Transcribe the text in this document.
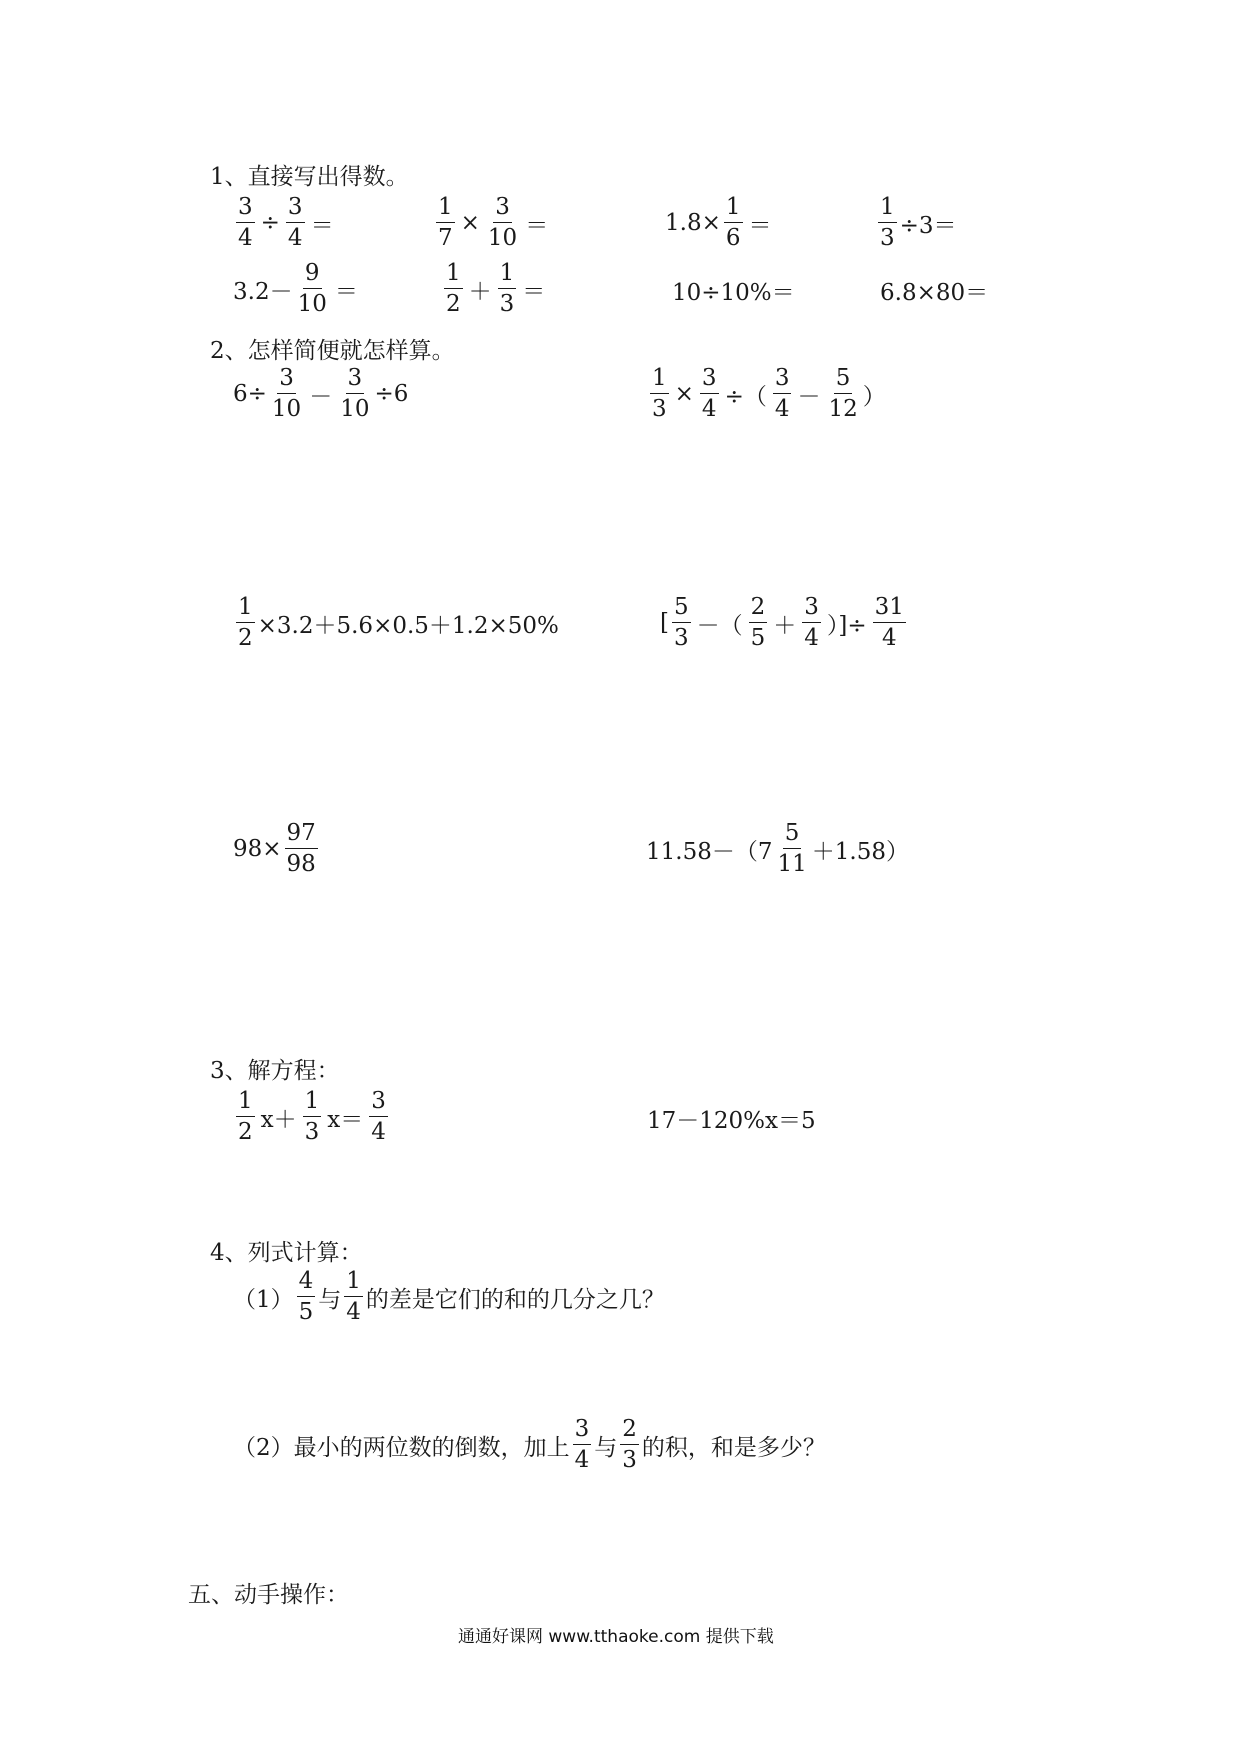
1、直接写出得数。
$\frac{3}{4} \div \frac{3}{4}$ ＝	$\frac{1}{7} \times \frac{3}{10}$ ＝	$1.8\times \frac{1}{6}$ ＝	$\frac{1}{3} \div 3=$
$3.2- \frac{9}{10}$ ＝	$\frac{1}{2} + \frac{1}{3}$ ＝	10÷10%＝	6.8×80＝
2、怎样简便就怎样算。
$6\div \frac{3}{10} - \frac{3}{10} \div 6$	$\frac{1}{3} \times \frac{3}{4}$ ÷（ $\frac{3}{4} - \frac{5}{12}$ ）
$\frac{1}{2} \times 3.2+5.6\times 0.5+1.2\times 50\%$	[ $\frac{5}{3}$ －（ $\frac{2}{5} + \frac{3}{4}$ ）]÷ $\frac{31}{4}$
$98\times \frac{97}{98}$	$11.58-(7 \frac{5}{11} +1.58)$
3、解方程：
$\frac{1}{2} x+ \frac{1}{3} x= \frac{3}{4}$	17－120%x＝5
4、列式计算：
$(1) \frac{4}{5}$ 与 $\frac{1}{4}$ 的差是它们的和的几分之几？
（2）最小的两位数的倒数，加上 $\frac{3}{4}$ 与 $\frac{2}{3}$ 的积，和是多少？
五、动手操作：
通通好课网 www.tthaoke.com 提供下载
